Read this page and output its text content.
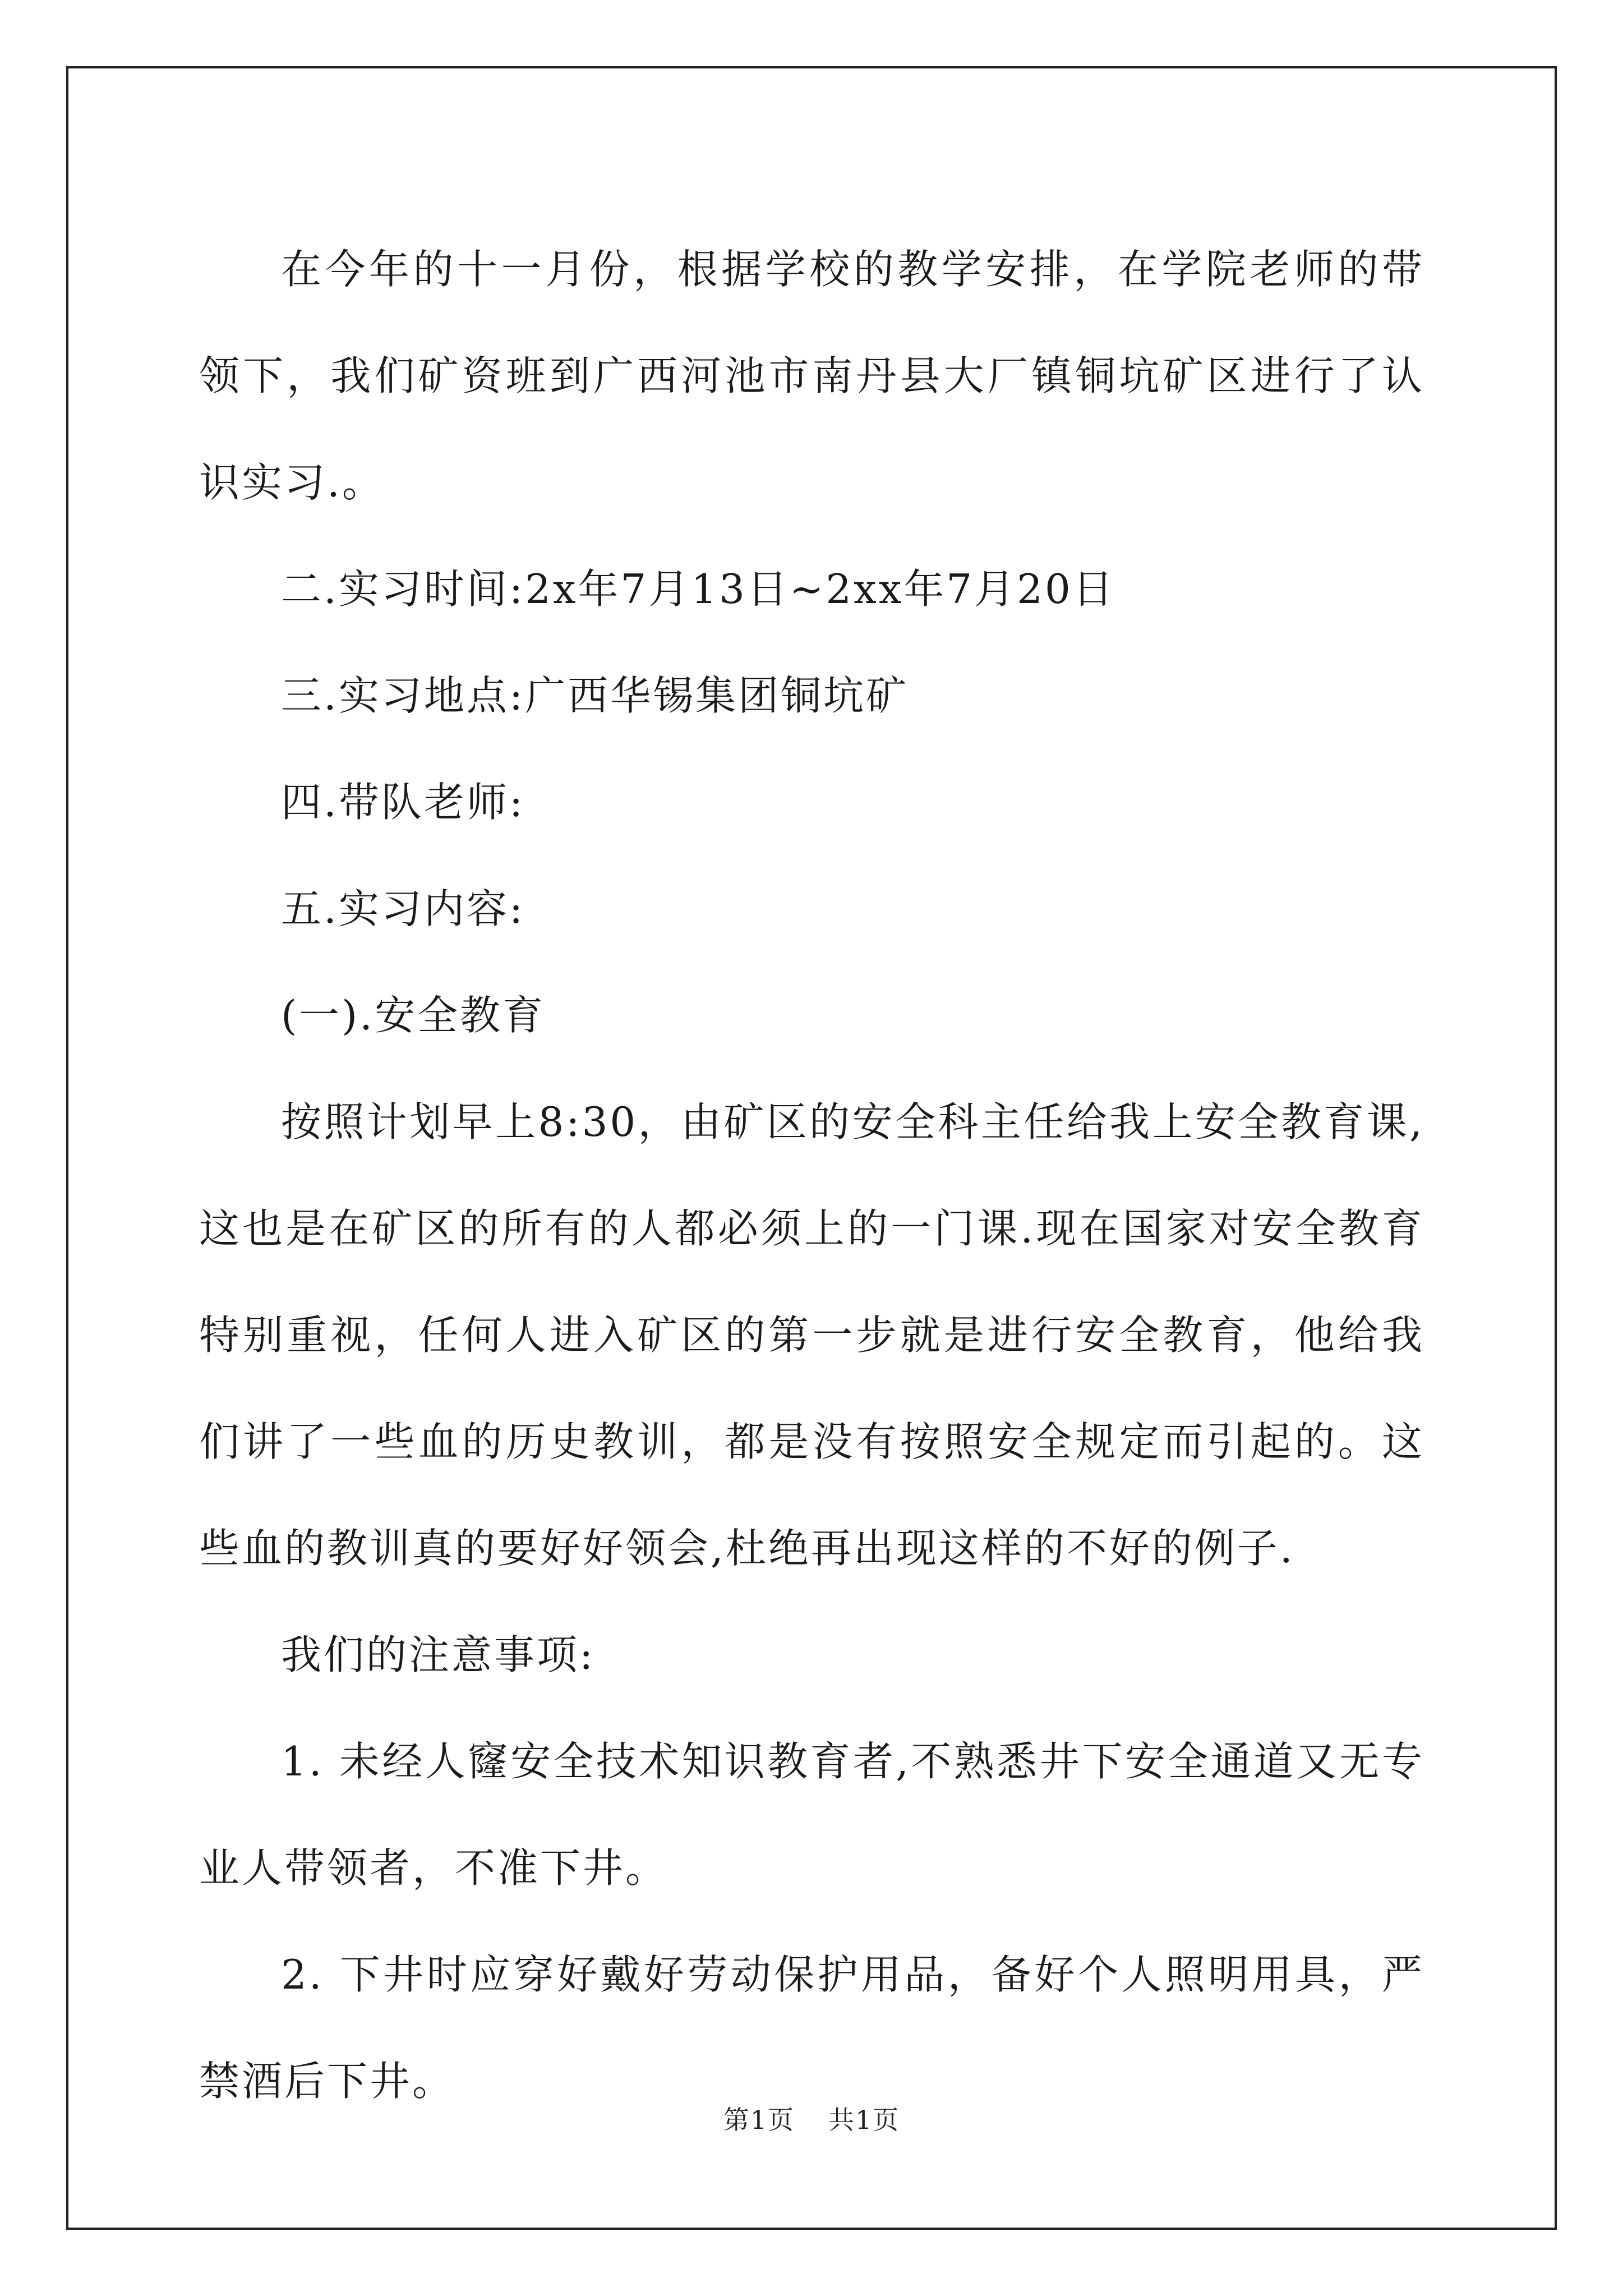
在今年的十一月份，根据学校的教学安排，在学院老师的带领下，我们矿资班到广西河池市南丹县大厂镇铜坑矿区进行了认识实习.。

二.实习时间:2x年7月13日~2xx年7月20日

三.实习地点:广西华锡集团铜坑矿

四.带队老师:

五.实习内容:

(一).安全教育

按照计划早上8:30，由矿区的安全科主任给我上安全教育课,这也是在矿区的所有的人都必须上的一门课.现在国家对安全教育特别重视，任何人进入矿区的第一步就是进行安全教育，他给我们讲了一些血的历史教训，都是没有按照安全规定而引起的。这些血的教训真的要好好领会,杜绝再出现这样的不好的例子.

我们的注意事项:

1. 未经人窿安全技术知识教育者,不熟悉井下安全通道又无专业人带领者，不准下井。

2. 下井时应穿好戴好劳动保护用品，备好个人照明用具，严禁酒后下井。

第1页 共1页
